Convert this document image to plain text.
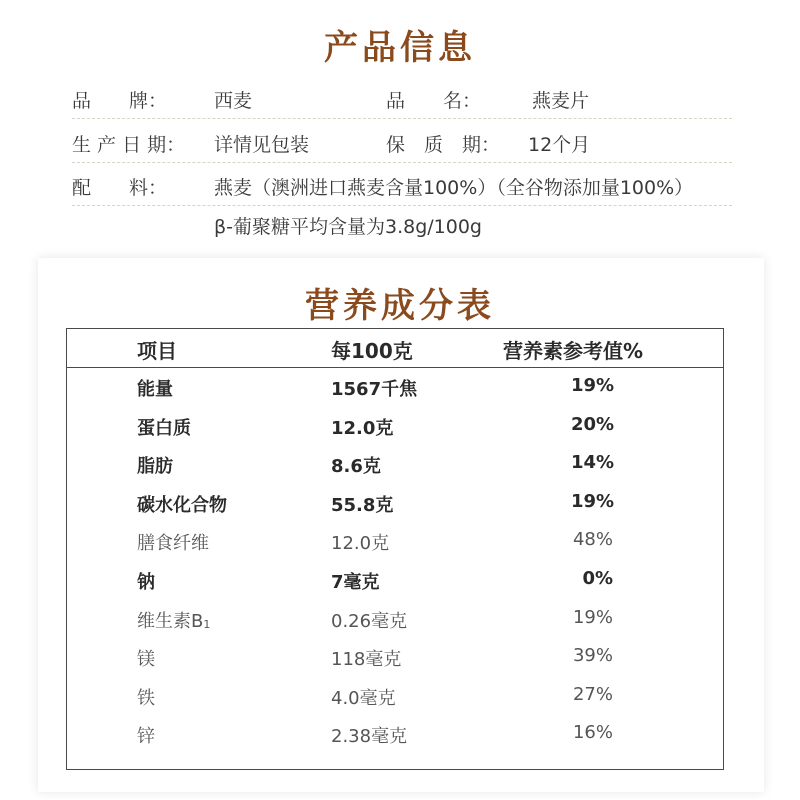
产品信息
品　　牌： 西麦	品　　名：	燕麦片
生 产 日 期： 详情见包装	保　质　期： 12个月
配　　料： 燕麦（澳洲进口燕麦含量100%）（全谷物添加量100%）
β-葡聚糖平均含量为3.8g/100g
营养成分表
项目	每100克	营养素参考值%
能量	1567千焦	19%
蛋白质	12.0克	20%
脂肪	8.6克	14%
碳水化合物	55.8克	19%
膳食纤维	12.0克	48%
钠	7毫克	0%
维生素$B_1$	0.26毫克	19%
镁	118毫克	39%
铁	4.0毫克	27%
锌	2.38毫克	16%
